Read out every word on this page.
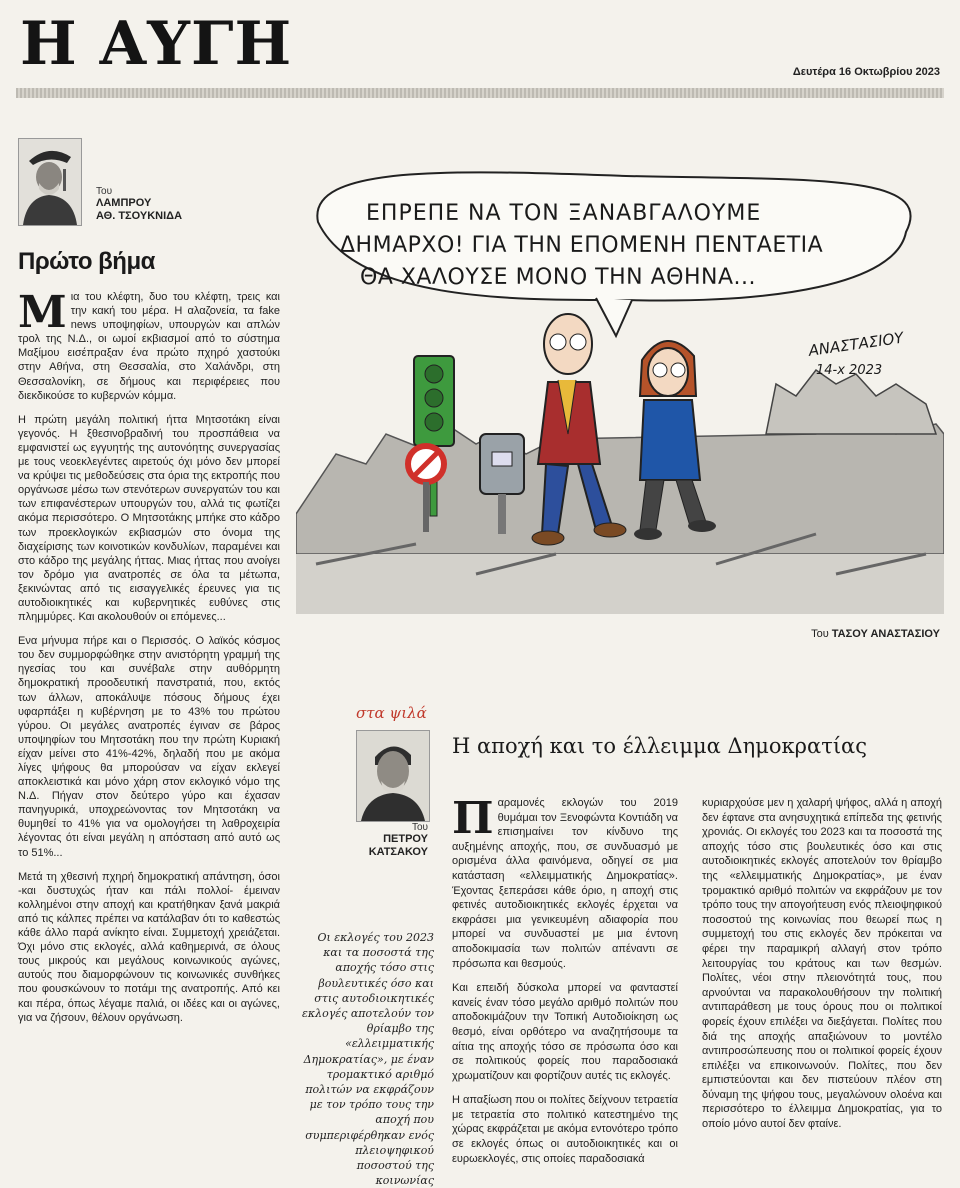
Η ΑΥΓΗ	Δευτέρα 16 Οκτωβρίου 2023
Του
ΛΑΜΠΡΟΥ
ΑΘ. ΤΣΟΥΚΝΙΔΑ
Πρώτο βήμα

Μια του κλέφτη, δυο του κλέφτη, τρεις και την κακή του μέρα. Η αλαζονεία, τα fake news υποψηφίων, υπουργών και απλών τρολ της Ν.Δ., οι ωμοί εκβιασμοί από το σύστημα Μαξίμου εισέπραξαν ένα πρώτο πχηρό χαστούκι στην Αθήνα, στη Θεσσαλία, στο Χαλάνδρι, στη Θεσσαλονίκη, σε δήμους και περιφέρειες που διεκδικούσε το κυβερνών κόμμα.

Η πρώτη μεγάλη πολιτική ήττα Μητσοτάκη είναι γεγονός. Η ξθεσινοβραδινή του προσπάθεια να εμφανιστεί ως εγγυητής της αυτονόητης συνεργασίας με τους νεοεκλεγέντες αιρετούς όχι μόνο δεν μπορεί να κρύψει τις μεθοδεύσεις στα όρια της εκτροπής που οργάνωσε μέσω των στενότερων συνεργατών του και των επιφανέστερων υπουργών του, αλλά τις φωτίζει ακόμα περισσότερο. Ο Μητσοτάκης μπήκε στο κάδρο των προεκλογικών εκβιασμών στο όνομα της διαχείρισης των κοινοτικών κονδυλίων, παραμένει και στο κάδρο της μεγάλης ήττας. Μιας ήττας που ανοίγει τον δρόμο για ανατροπές σε όλα τα μέτωπα, ξεκινώντας από τις εισαγγελικές έρευνες για τις αυτοδιοικητικές και κυβερνητικές ευθύνες στις πλημμύρες. Και ακολουθούν οι επόμενες...

Ενα μήνυμα πήρε και ο Περισσός. Ο λαϊκός κόσμος του δεν συμμορφώθηκε στην ανιστόρητη γραμμή της ηγεσίας του και συνέβαλε στην αυθόρμητη δημοκρατική προοδευτική πανστρατιά, που, εκτός των άλλων, αποκάλυψε πόσους δήμους έχει υφαρπάξει η κυβέρνηση με το 43% του πρώτου γύρου. Οι μεγάλες ανατροπές έγιναν σε βάρος υποψηφίων του Μητσοτάκη που την πρώτη Κυριακή είχαν μείνει στο 41%-42%, δηλαδή που με ακόμα λίγες ψήφους θα μπορούσαν να είχαν εκλεγεί αποκλειστικά και μόνο χάρη στον εκλογικό νόμο της Ν.Δ. Πήγαν στον δεύτερο γύρο και έχασαν πανηγυρικά, υποχρεώνοντας τον Μητσοτάκη να θυμηθεί το 41% για να ομολογήσει τη λαθροχειρία λέγοντας ότι είναι μεγάλη η απόσταση από αυτό ως το 51%...

Μετά τη χθεσινή πχηρή δημοκρατική απάντηση, όσοι -και δυστυχώς ήταν και πάλι πολλοί- έμειναν κολλημένοι στην αποχή και κρατήθηκαν ξανά μακριά από τις κάλπες πρέπει να κατάλαβαν ότι το καθεστώς κάθε άλλο παρά ανίκητο είναι. Συμμετοχή χρειάζεται. Όχι μόνο στις εκλογές, αλλά καθημερινά, σε όλους τους μικρούς και μεγάλους κοινωνικούς αγώνες, αυτούς που διαμορφώνουν τις κοινωνικές συνθήκες που φουσκώνουν το ποτάμι της ανατροπής. Από κει και πέρα, όπως λέγαμε παλιά, οι ιδέες και οι αγώνες, για να ζήσουν, θέλουν οργάνωση.

ΕΠΡΕΠΕ ΝΑ ΤΟΝ ΞΑΝΑΒΓΑΛΟΥΜΕ
ΔΗΜΑΡΧΟ! ΓΙΑ ΤΗΝ ΕΠΟΜΕΝΗ ΠΕΝΤΑΕΤΙΑ
ΘΑ ΧΑΛΟΥΣΕ ΜΟΝΟ ΤΗΝ ΑΘΗΝΑ...
ΑΝΑΣΤΑΣΙΟΥ
14-x 2023
Του ΤΑΣΟΥ ΑΝΑΣΤΑΣΙΟΥ
στα ψιλά
Του
ΠΕΤΡΟΥ
ΚΑΤΣΑΚΟΥ
Η αποχή και το έλλειμμα Δημοκρατίας
Οι εκλογές του 2023 και τα ποσοστά της αποχής τόσο στις βουλευτικές όσο και στις αυτοδιοικητικές εκλογές αποτελούν τον θρίαμβο της «ελλειμματικής Δημοκρατίας», με έναν τρομακτικό αριθμό πολιτών να εκφράζουν με τον τρόπο τους την αποχή που συμπεριφέρθηκαν ενός πλειοψηφικού ποσοστού της κοινωνίας

Παραμονές εκλογών του 2019 θυμάμαι τον Ξενοφώντα Κοντιάδη να επισημαίνει τον κίνδυνο της αυξημένης αποχής, που, σε συνδυασμό με ορισμένα άλλα φαινόμενα, οδηγεί σε μια κατάσταση «ελλειμματικής Δημοκρατίας». Έχοντας ξεπεράσει κάθε όριο, η αποχή στις φετινές αυτοδιοικητικές εκλογές έρχεται να εκφράσει μια γενικευμένη αδιαφορία που μπορεί να συνδυαστεί με μια έντονη αποδοκιμασία των πολιτών απέναντι σε πρόσωπα και θεσμούς.

Και επειδή δύσκολα μπορεί να φανταστεί κανείς έναν τόσο μεγάλο αριθμό πολιτών που αποδοκιμάζουν την Τοπική Αυτοδιοίκηση ως θεσμό, είναι ορθότερο να αναζητήσουμε τα αίτια της αποχής τόσο σε πρόσωπα όσο και σε πολιτικούς φορείς που παραδοσιακά χρωματίζουν και φορτίζουν αυτές τις εκλογές.

Η απαξίωση που οι πολίτες δείχνουν τετραετία με τετραετία στο πολιτικό κατεστημένο της χώρας εκφράζεται με ακόμα εντονότερο τρόπο σε εκλογές όπως οι αυτοδιοικητικές και οι ευρωεκλογές, στις οποίες παραδοσιακά

κυριαρχούσε μεν η χαλαρή ψήφος, αλλά η αποχή δεν έφτανε στα ανησυχητικά επίπεδα της φετινής χρονιάς. Οι εκλογές του 2023 και τα ποσοστά της αποχής τόσο στις βουλευτικές όσο και στις αυτοδιοικητικές εκλογές αποτελούν τον θρίαμβο της «ελλειμματικής Δημοκρατίας», με έναν τρομακτικό αριθμό πολιτών να εκφράζουν με τον τρόπο τους την απογοήτευση ενός πλειοψηφικού ποσοστού της κοινωνίας που θεωρεί πως η συμμετοχή του στις εκλογές δεν πρόκειται να φέρει την παραμικρή αλλαγή στον τρόπο λειτουργίας του κράτους και των θεσμών. Πολίτες, νέοι στην πλειονότητά τους, που αρνούνται να παρακολουθήσουν την πολιτική αντιπαράθεση με τους όρους που οι πολιτικοί φορείς έχουν επιλέξει να διεξάγεται. Πολίτες που διά της αποχής απαξιώνουν το μοντέλο αντιπροσώπευσης που οι πολιτικοί φορείς έχουν επιλέξει να επικοινωνούν. Πολίτες, που δεν εμπιστεύονται και δεν πιστεύουν πλέον στη δύναμη της ψήφου τους, μεγαλώνουν ολοένα και περισσότερο το έλλειμμα Δημοκρατίας, για το οποίο μόνο αυτοί δεν φταίνε.
